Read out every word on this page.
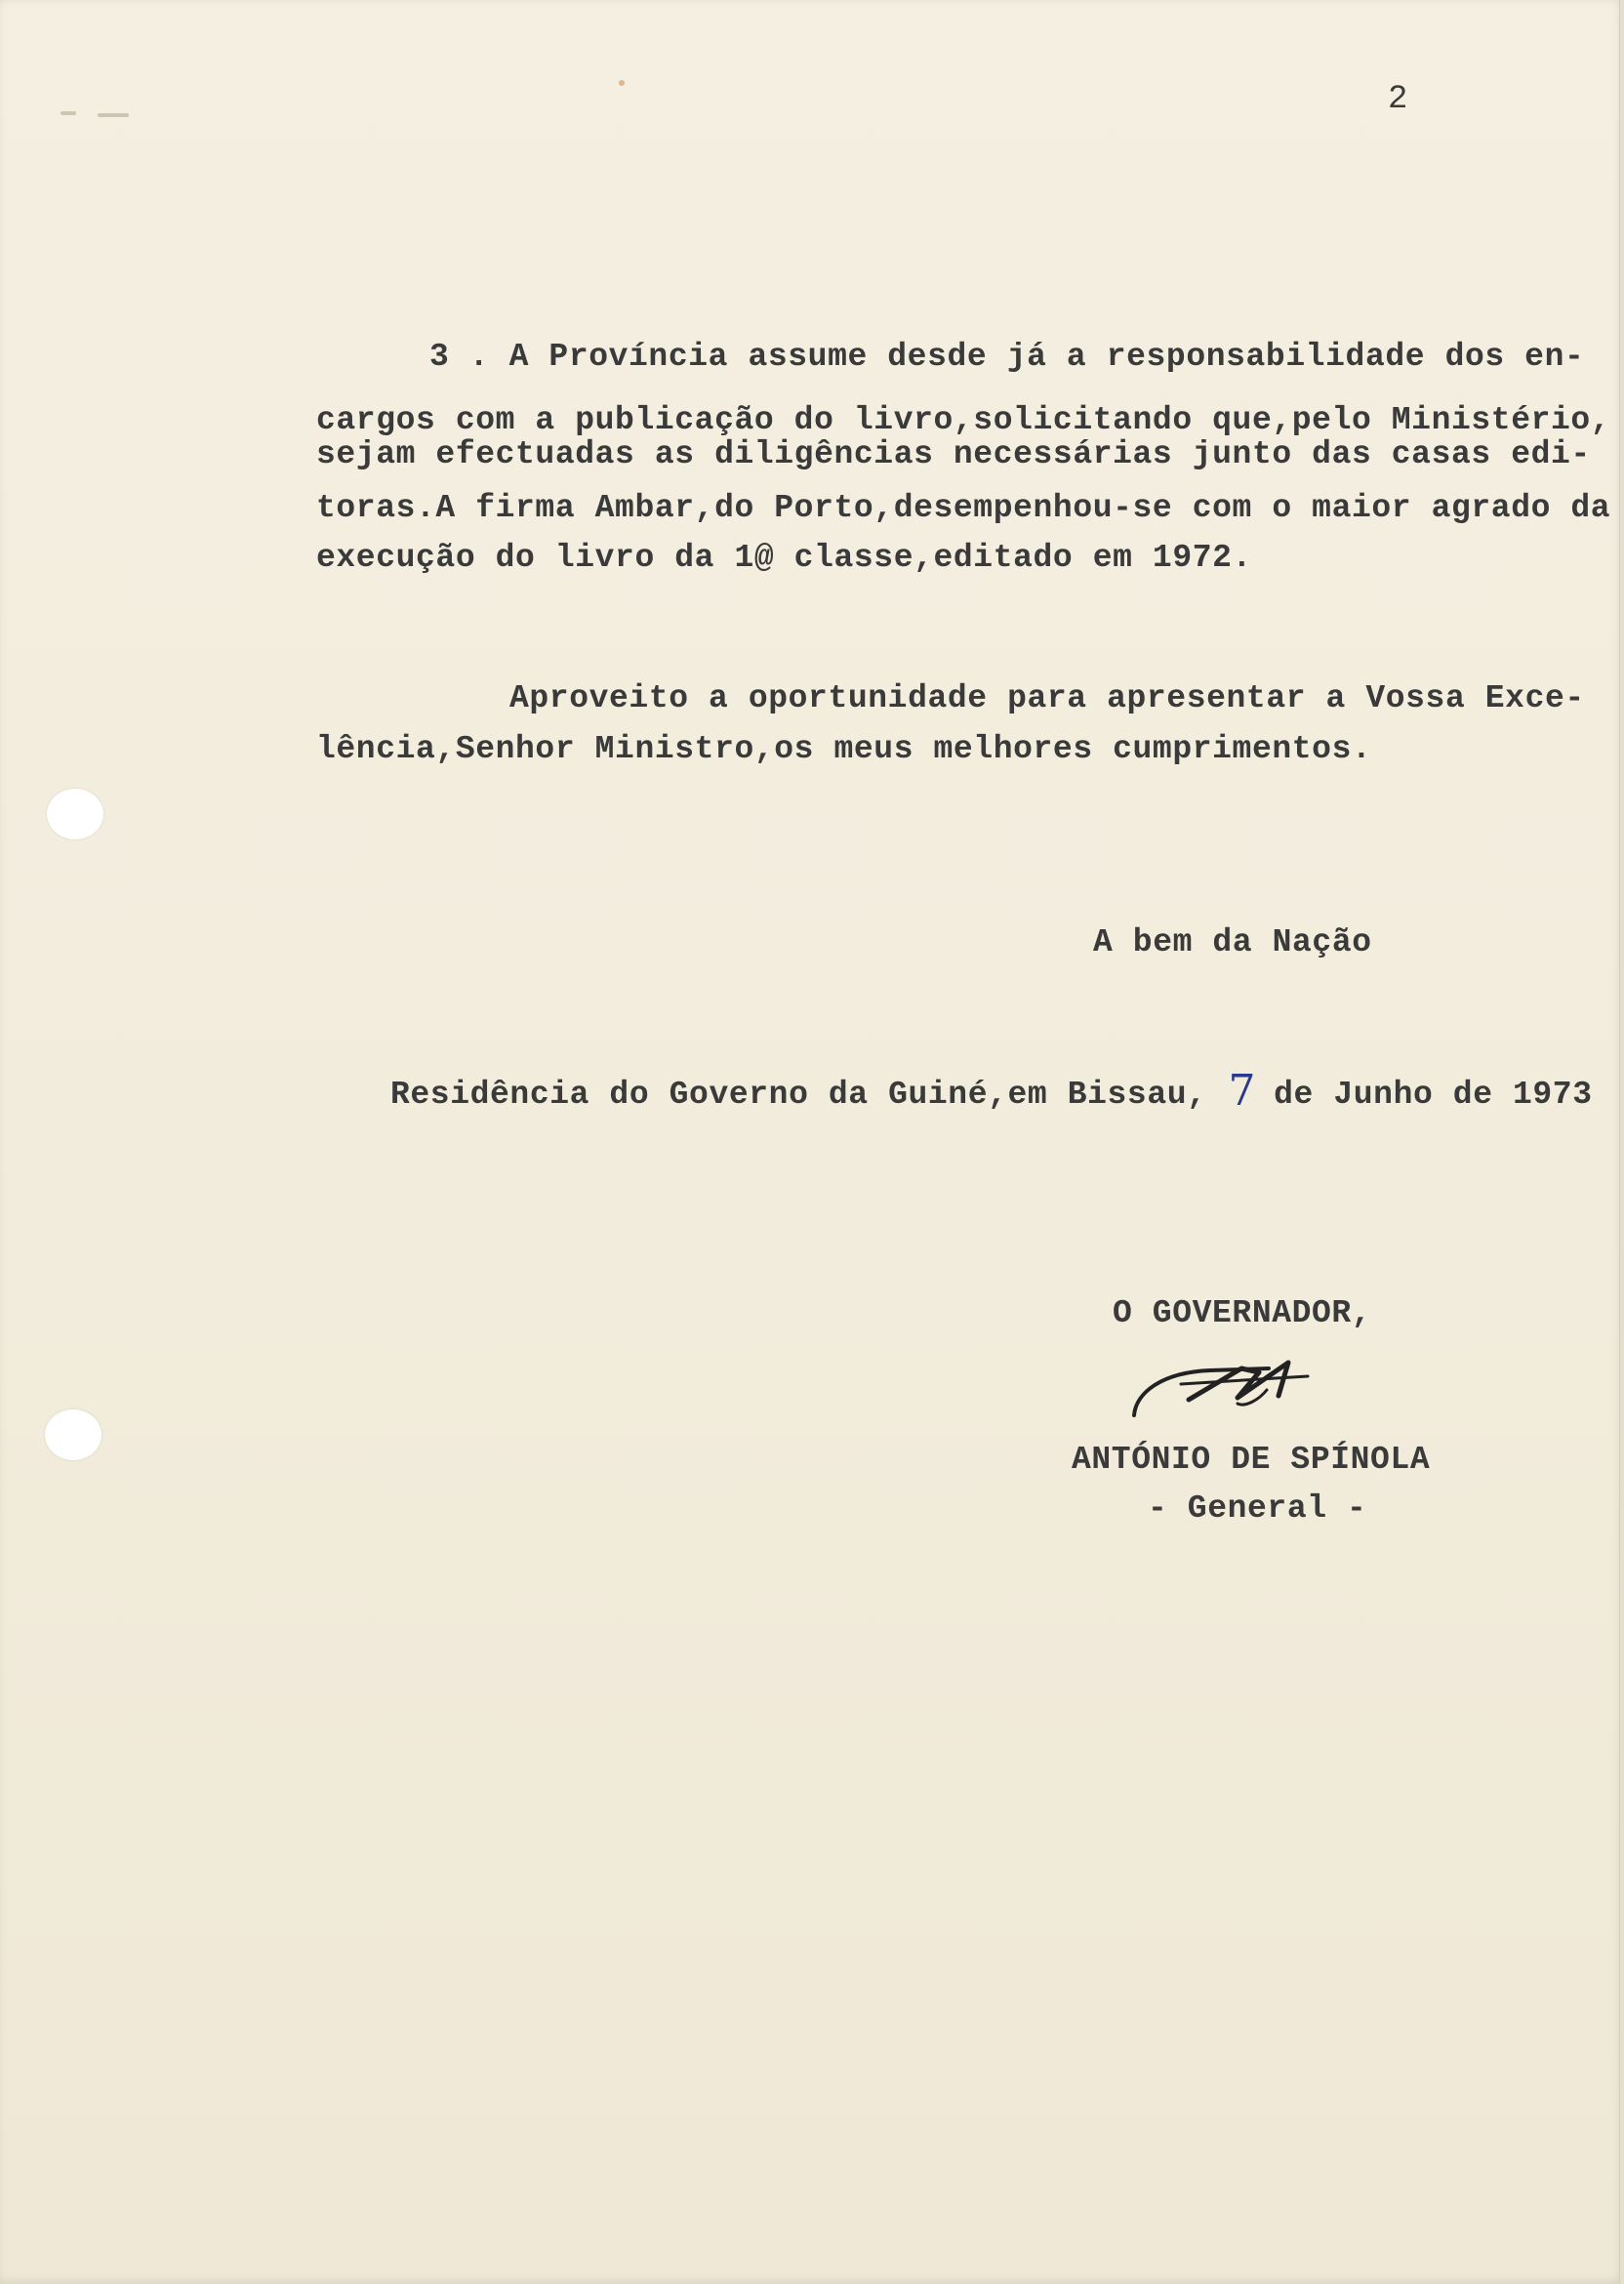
2

3 . A Província assume desde já a responsabilidade dos en-

cargos com a publicação do livro,solicitando que,pelo Ministério,

sejam efectuadas as diligências necessárias junto das casas edi-

toras.A firma Ambar,do Porto,desempenhou-se com o maior agrado da

execução do livro da 1@ classe,editado em 1972.

Aproveito a oportunidade para apresentar a Vossa Exce-

lência,Senhor Ministro,os meus melhores cumprimentos.

A bem da Nação

Residência do Governo da Guiné,em Bissau, 7 de Junho de 1973

O GOVERNADOR,

ANTÓNIO DE SPÍNOLA

- General -
